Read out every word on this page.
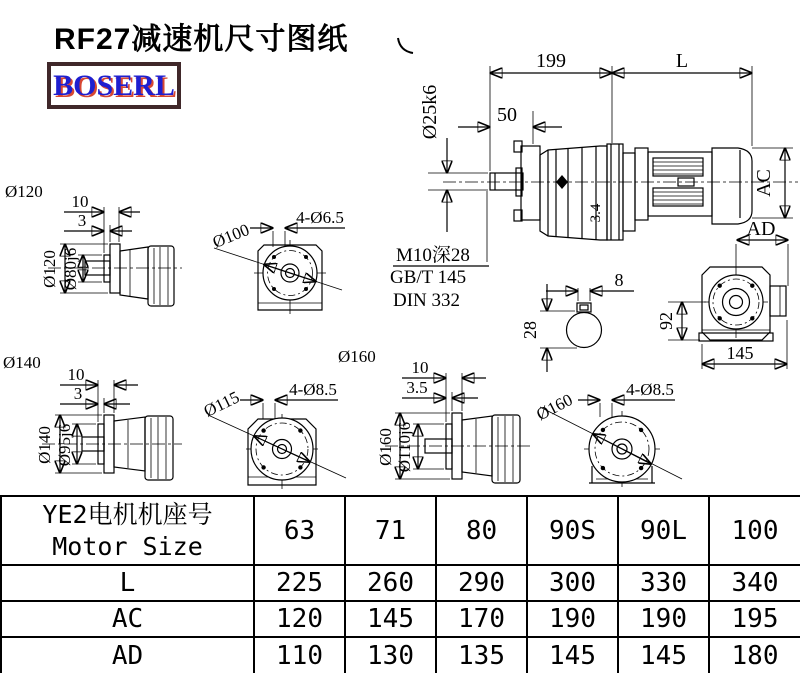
RF27减速机尺寸图纸
BOSERL
199	L
50
Ø25k6
AC
3.4
M10深28
GB/T 145
DIN 332
8
28
AD
92
145
Ø120
10
3
Ø120 Ø80j6
4-Ø6.5
Ø100
Ø140
10
3
Ø140 Ø95j6
4-Ø8.5
Ø115
Ø160
10
3.5
Ø160 Ø110j6
4-Ø8.5
Ø160
YE2电机机座号
Motor Size	63	71	80	90S	90L	100
L	225	260	290	300	330	340
AC	120	145	170	190	190	195
AD	110	130	135	145	145	180
